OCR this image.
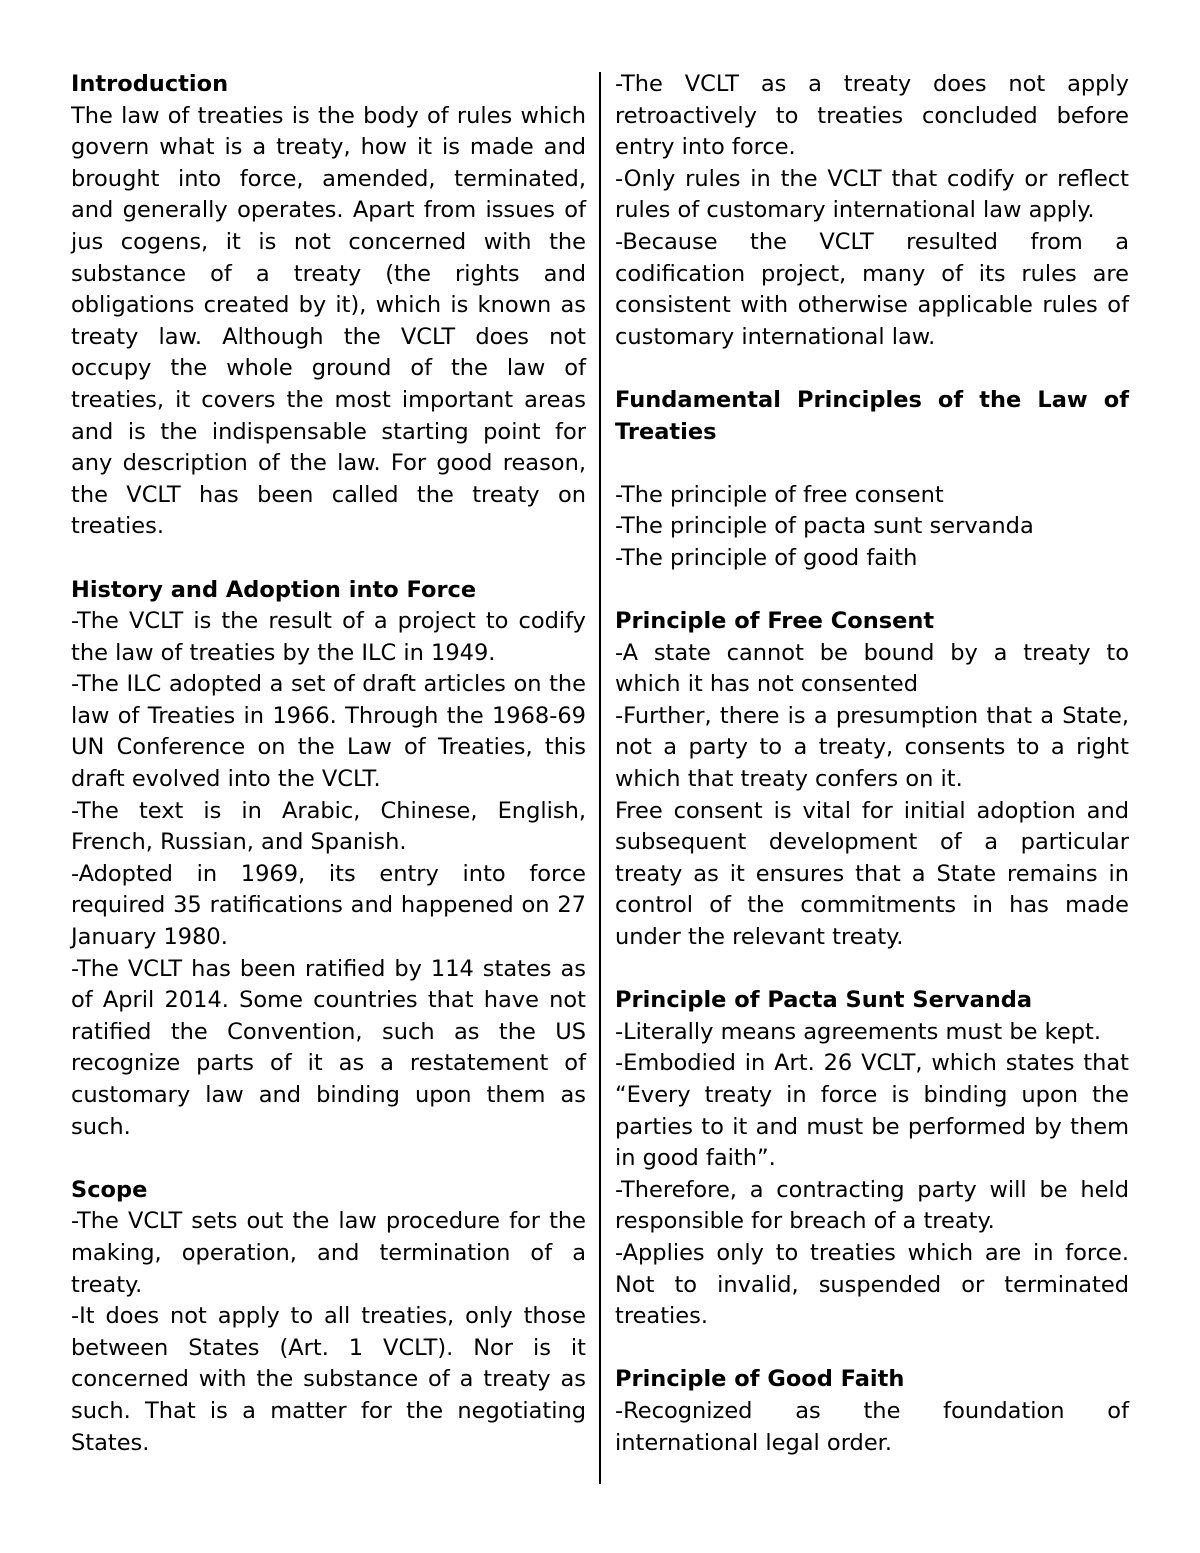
Introduction

The law of treaties is the body of rules which govern what is a treaty, how it is made and brought into force, amended, terminated, and generally operates. Apart from issues of jus cogens, it is not concerned with the substance of a treaty (the rights and obligations created by it), which is known as treaty law. Although the VCLT does not occupy the whole ground of the law of treaties, it covers the most important areas and is the indispensable starting point for any description of the law. For good reason, the VCLT has been called the treaty on treaties.

History and Adoption into Force

-The VCLT is the result of a project to codify the law of treaties by the ILC in 1949.

-The ILC adopted a set of draft articles on the law of Treaties in 1966. Through the 1968-69 UN Conference on the Law of Treaties, this draft evolved into the VCLT.

-The text is in Arabic, Chinese, English, French, Russian, and Spanish.

-Adopted in 1969, its entry into force required 35 ratifications and happened on 27 January 1980.

-The VCLT has been ratified by 114 states as of April 2014. Some countries that have not ratified the Convention, such as the US recognize parts of it as a restatement of customary law and binding upon them as such.

Scope

-The VCLT sets out the law procedure for the making, operation, and termination of a treaty.

-It does not apply to all treaties, only those between States (Art. 1 VCLT). Nor is it concerned with the substance of a treaty as such. That is a matter for the negotiating States.

-The VCLT as a treaty does not apply retroactively to treaties concluded before entry into force.

-Only rules in the VCLT that codify or reflect rules of customary international law apply.

-Because the VCLT resulted from a codification project, many of its rules are consistent with otherwise applicable rules of customary international law.

Fundamental Principles of the Law of Treaties

-The principle of free consent

-The principle of pacta sunt servanda

-The principle of good faith

Principle of Free Consent

-A state cannot be bound by a treaty to which it has not consented

-Further, there is a presumption that a State, not a party to a treaty, consents to a right which that treaty confers on it.

Free consent is vital for initial adoption and subsequent development of a particular treaty as it ensures that a State remains in control of the commitments in has made under the relevant treaty.

Principle of Pacta Sunt Servanda

-Literally means agreements must be kept.

-Embodied in Art. 26 VCLT, which states that “Every treaty in force is binding upon the parties to it and must be performed by them in good faith”.

-Therefore, a contracting party will be held responsible for breach of a treaty.

-Applies only to treaties which are in force. Not to invalid, suspended or terminated treaties.

Principle of Good Faith

-Recognized as the foundation of international legal order.
